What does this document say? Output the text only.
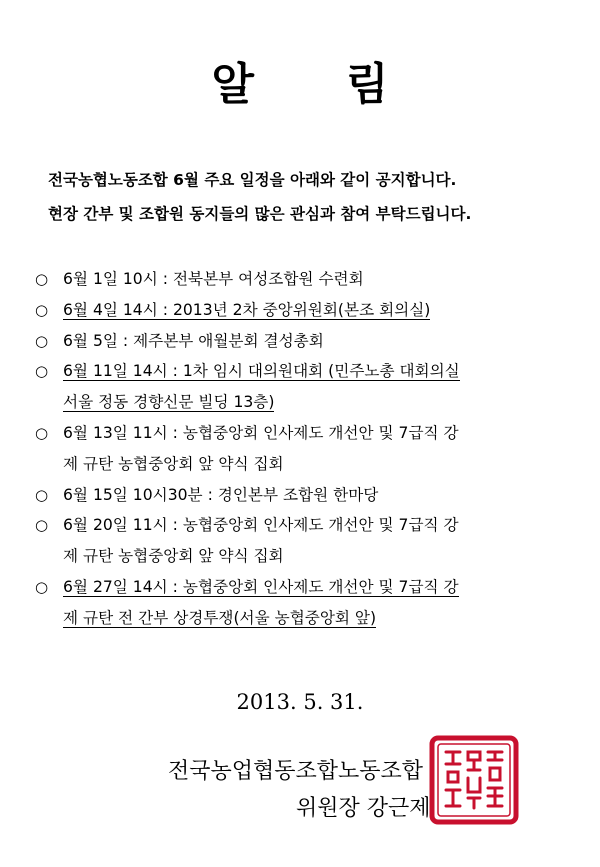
알 림
전국농협노동조합 6월 주요 일정을 아래와 같이 공지합니다.
현장 간부 및 조합원 동지들의 많은 관심과 참여 부탁드립니다.
○ 6월 1일 10시 : 전북본부 여성조합원 수련회
○ 6월 4일 14시 : 2013년 2차 중앙위원회(본조 회의실)
○ 6월 5일 : 제주본부 애월분회 결성총회
○ 6월 11일 14시 : 1차 임시 대의원대회 (민주노총 대회의실
서울 정동 경향신문 빌딩 13층)
○ 6월 13일 11시 : 농협중앙회 인사제도 개선안 및 7급직 강
제 규탄 농협중앙회 앞 약식 집회
○ 6월 15일 10시30분 : 경인본부 조합원 한마당
○ 6월 20일 11시 : 농협중앙회 인사제도 개선안 및 7급직 강
제 규탄 농협중앙회 앞 약식 집회
○ 6월 27일 14시 : 농협중앙회 인사제도 개선안 및 7급직 강
제 규탄 전 간부 상경투쟁(서울 농협중앙회 앞)
2013. 5. 31.
전국농업협동조합노동조합
위원장 강근제
